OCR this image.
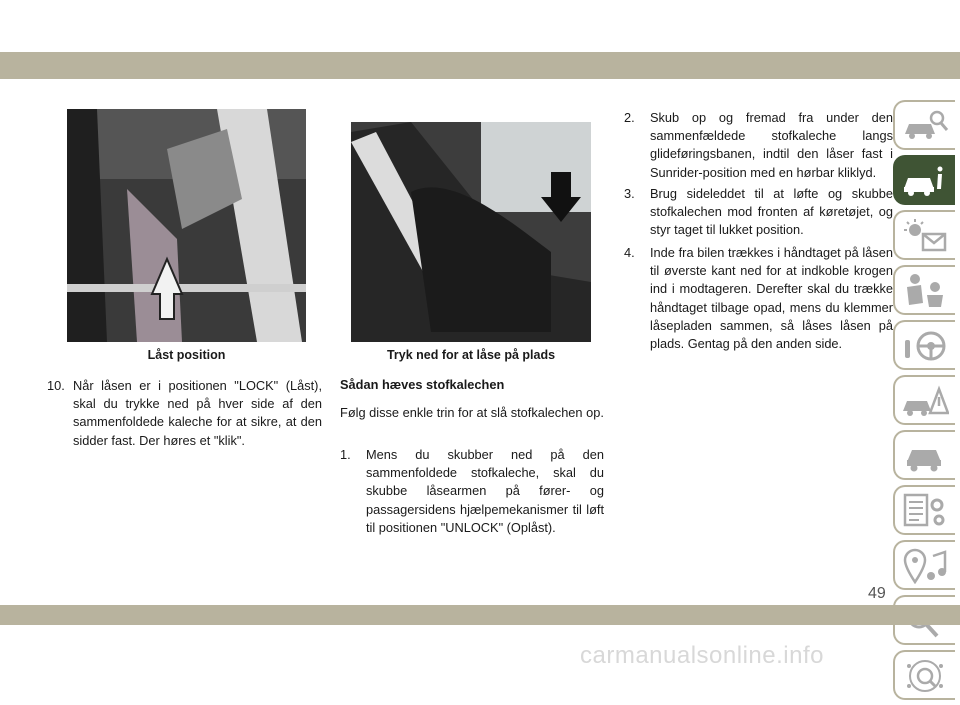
Låst position	Tryk ned for at låse på plads
10. Når låsen er i positionen "LOCK" (Låst), skal du trykke ned på hver side af den sammenfoldede kaleche for at sikre, at den sidder fast. Der høres et "klik".
Sådan hæves stofkalechen
Følg disse enkle trin for at slå stofkalechen op.
1. Mens du skubber ned på den sammenfoldede stofkaleche, skal du skubbe låsearmen på fører- og passagersidens hjælpemekanismer til løft til positionen "UNLOCK" (Oplåst).
2. Skub op og fremad fra under den sammenfældede stofkaleche langs glideføringsbanen, indtil den låser fast i Sunrider-position med en hørbar kliklyd.
3. Brug sideleddet til at løfte og skubbe stofkalechen mod fronten af køretøjet, og styr taget til lukket position.
4. Inde fra bilen trækkes i håndtaget på låsen til øverste kant ned for at indkoble krogen ind i modtageren. Derefter skal du trække håndtaget tilbage opad, mens du klemmer låsepladen sammen, så låses låsen på plads. Gentag på den anden side.
49
carmanualsonline.info
